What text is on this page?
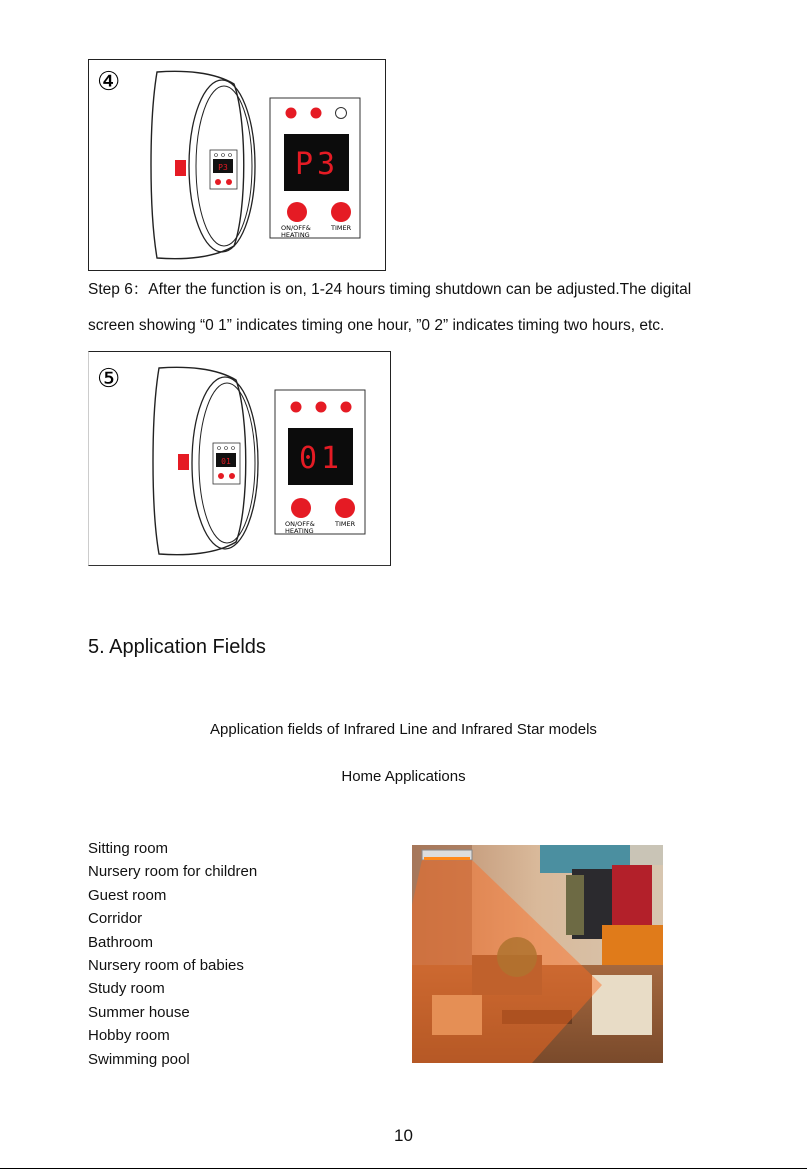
④
P3 P3
ON/OFF&
HEATING
TIMER
Step 6：After the function is on, 1-24 hours timing shutdown can be adjusted.The digital
screen showing “0 1” indicates timing one hour, ”0 2” indicates timing two hours, etc.
⑤
01 01
ON/OFF&
HEATING
TIMER
5. Application Fields
Application fields of Infrared Line and Infrared Star models
Home Applications
Sitting room
Nursery room for children
Guest room
Corridor
Bathroom
Nursery room of babies
Study room
Summer house
Hobby room
Swimming pool
10
